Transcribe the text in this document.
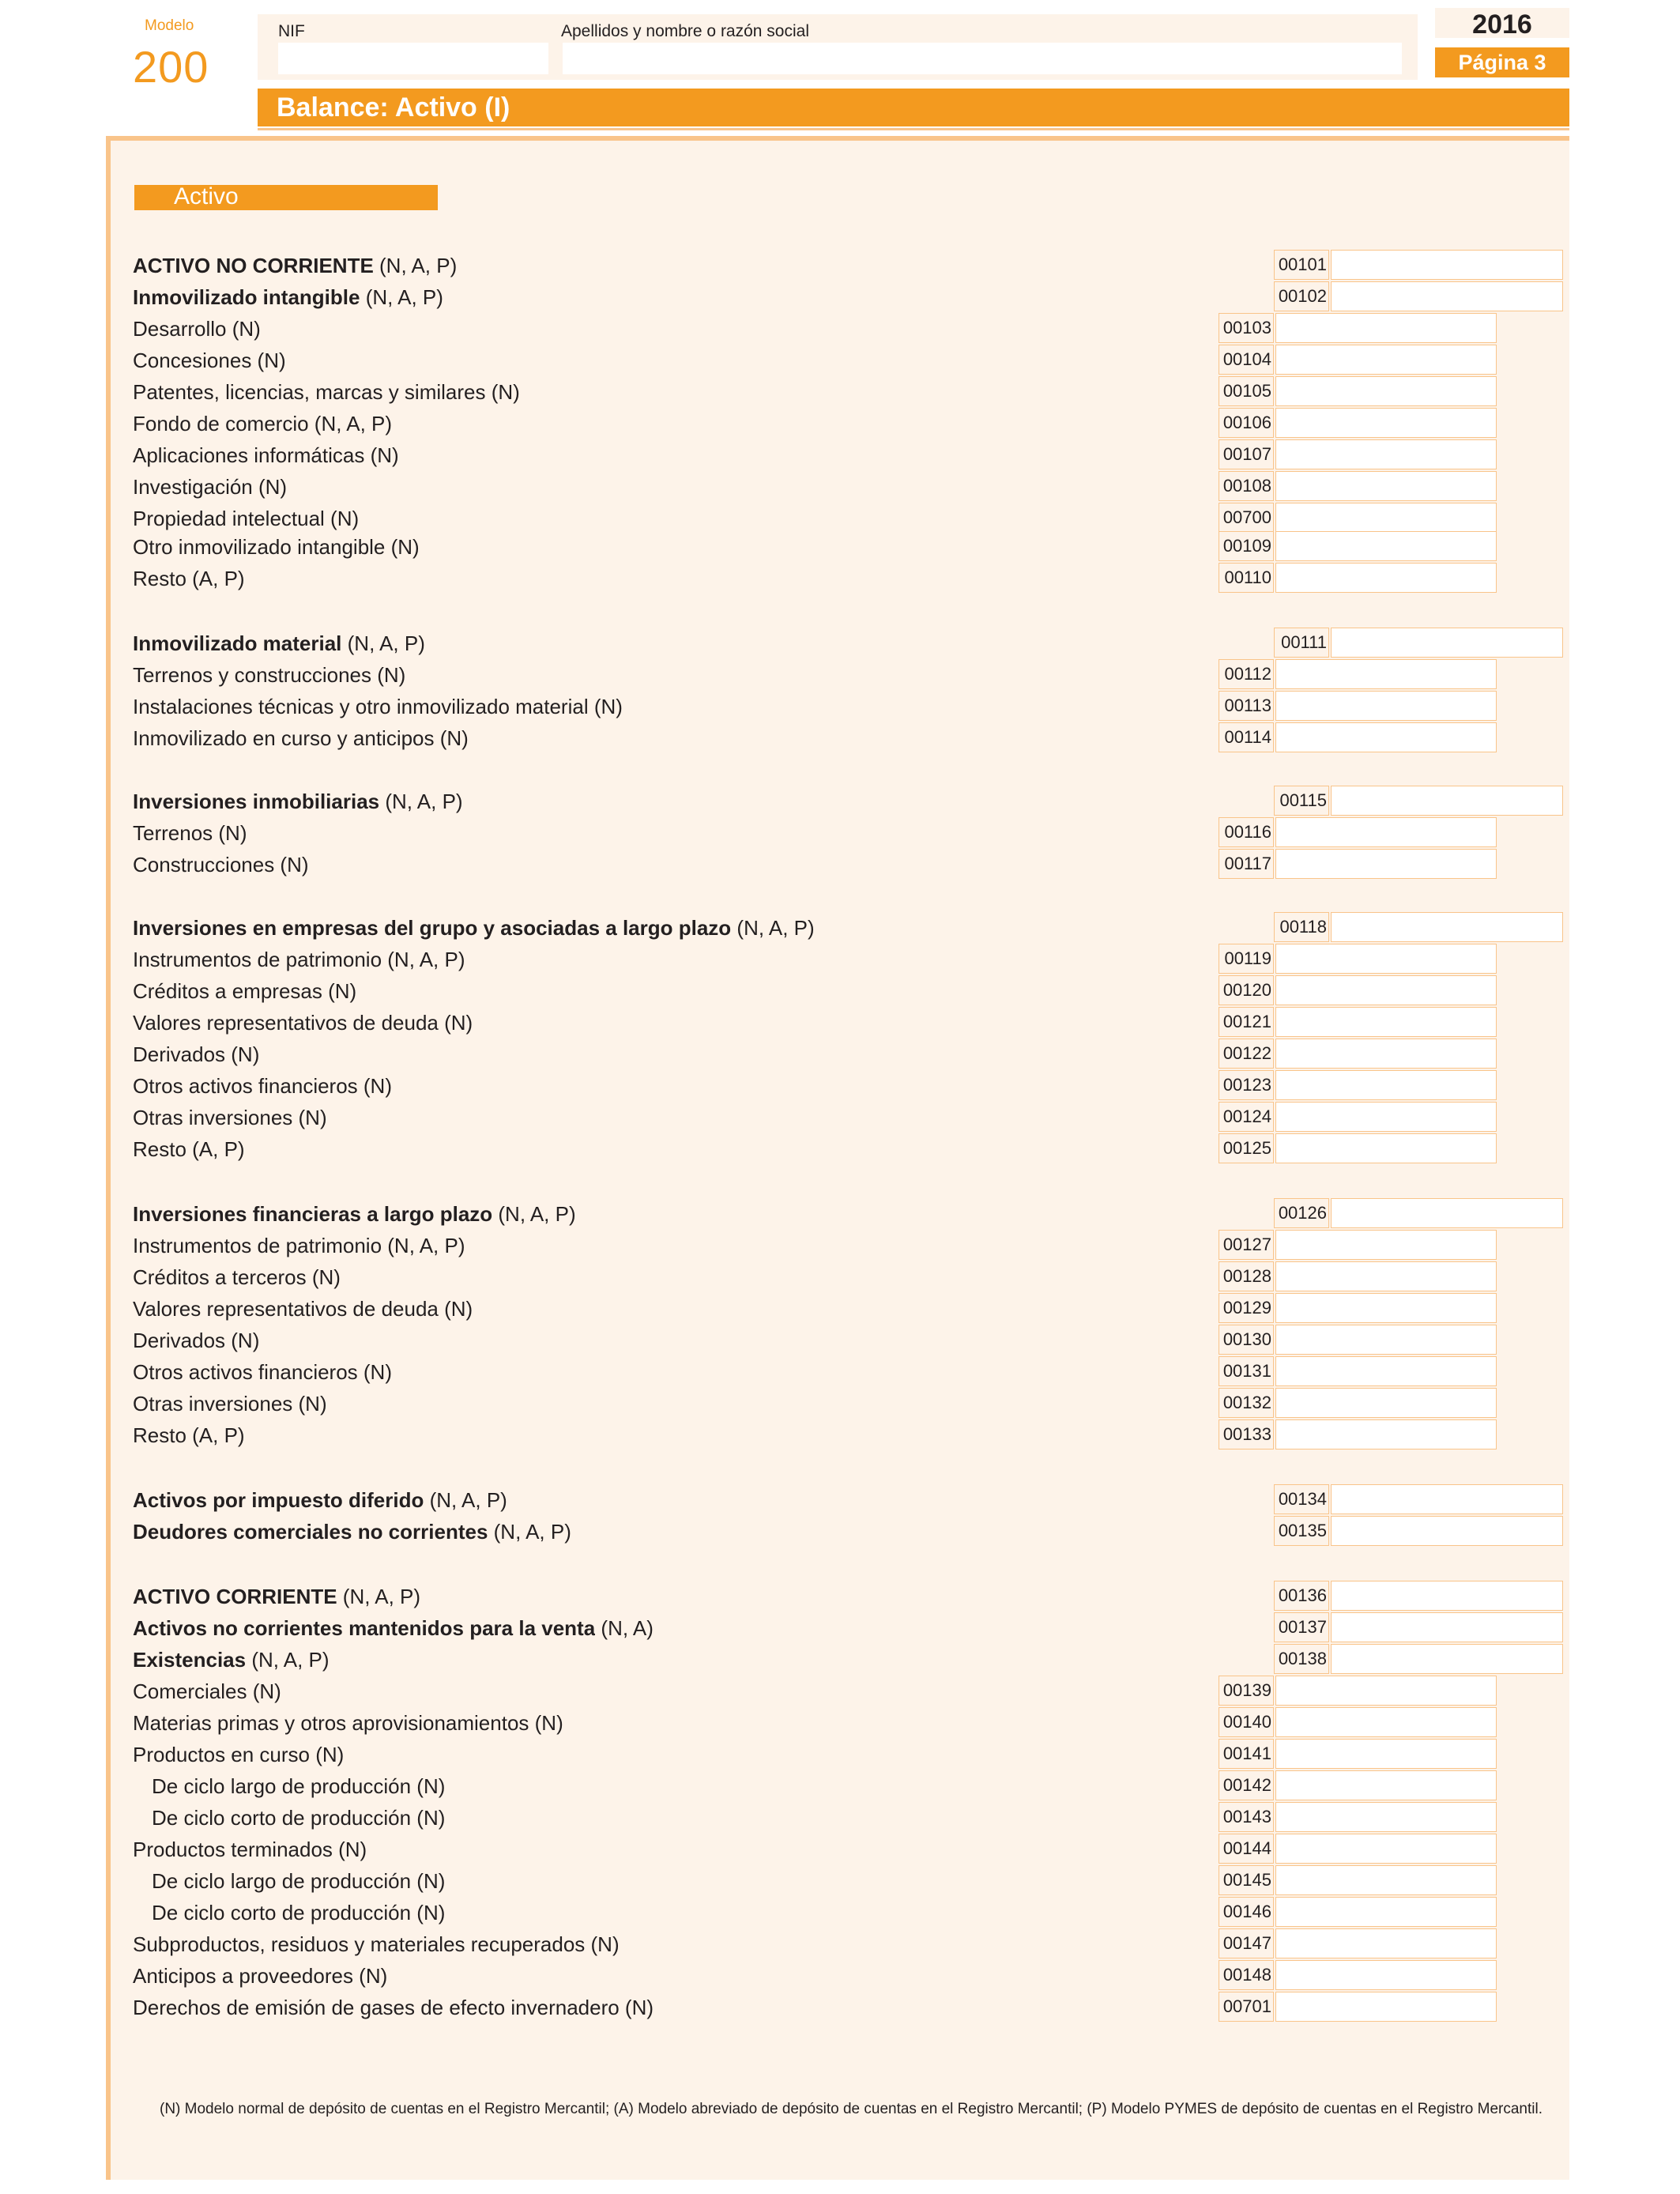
Modelo
200
NIF	Apellidos y nombre o razón social	2016
Página 3
Balance: Activo (I)
Activo
ACTIVO NO CORRIENTE (N, A, P)	00101
Inmovilizado intangible (N, A, P)	00102
Desarrollo (N)	00103
Concesiones (N)	00104
Patentes, licencias, marcas y similares (N)	00105
Fondo de comercio (N, A, P)	00106
Aplicaciones informáticas (N)	00107
Investigación (N)	00108
Propiedad intelectual (N)	00700
Otro inmovilizado intangible (N)	00109
Resto (A, P)	00110
Inmovilizado material (N, A, P)	00111
Terrenos y construcciones (N)	00112
Instalaciones técnicas y otro inmovilizado material (N)	00113
Inmovilizado en curso y anticipos (N)	00114
Inversiones inmobiliarias (N, A, P)	00115
Terrenos (N)	00116
Construcciones (N)	00117
Inversiones en empresas del grupo y asociadas a largo plazo (N, A, P)	00118
Instrumentos de patrimonio (N, A, P)	00119
Créditos a empresas (N)	00120
Valores representativos de deuda (N)	00121
Derivados (N)	00122
Otros activos financieros (N)	00123
Otras inversiones (N)	00124
Resto (A, P)	00125
Inversiones financieras a largo plazo (N, A, P)	00126
Instrumentos de patrimonio (N, A, P)	00127
Créditos a terceros (N)	00128
Valores representativos de deuda (N)	00129
Derivados (N)	00130
Otros activos financieros (N)	00131
Otras inversiones (N)	00132
Resto (A, P)	00133
Activos por impuesto diferido (N, A, P)	00134
Deudores comerciales no corrientes (N, A, P)	00135
ACTIVO CORRIENTE (N, A, P)	00136
Activos no corrientes mantenidos para la venta (N, A)	00137
Existencias (N, A, P)	00138
Comerciales (N)	00139
Materias primas y otros aprovisionamientos (N)	00140
Productos en curso (N)	00141
De ciclo largo de producción (N)	00142
De ciclo corto de producción (N)	00143
Productos terminados (N)	00144
De ciclo largo de producción (N)	00145
De ciclo corto de producción (N)	00146
Subproductos, residuos y materiales recuperados (N)	00147
Anticipos a proveedores (N)	00148
Derechos de emisión de gases de efecto invernadero (N)	00701
(N) Modelo normal de depósito de cuentas en el Registro Mercantil; (A) Modelo abreviado de depósito de cuentas en el Registro Mercantil; (P) Modelo PYMES de depósito de cuentas en el Registro Mercantil.
